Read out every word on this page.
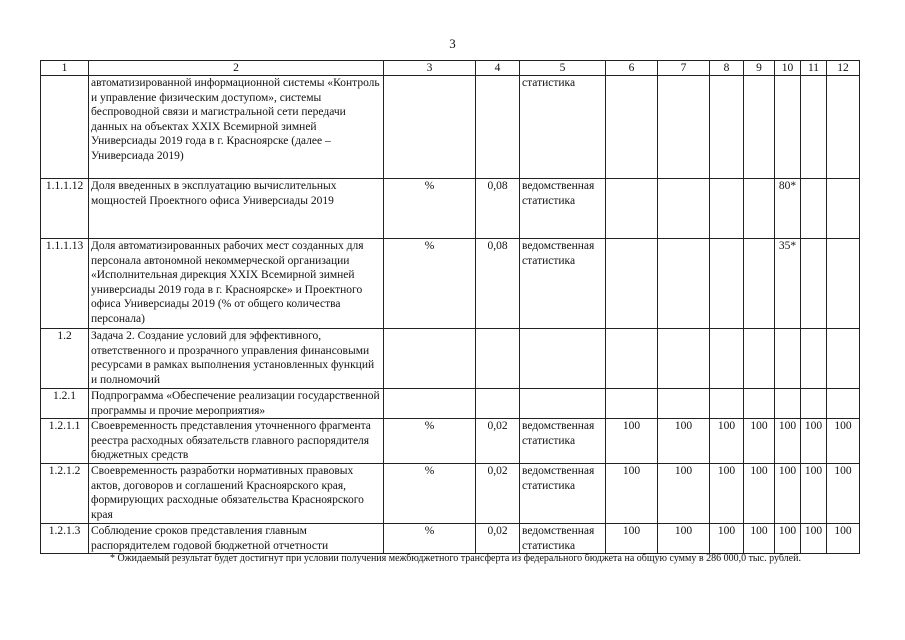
3
1	2	3	4	5	6	7	8	9	10	11	12
	автоматизированной информационной системы «Контроль и управление физическим доступом», системы беспроводной связи и магистральной сети передачи данных на объектах XXIX Всемирной зимней Универсиады 2019 года в г. Красноярске (далее – Универсиада 2019)			статистика							
1.1.1.12	Доля введенных в эксплуатацию вычислительных мощностей Проектного офиса Универсиады 2019	%	0,08	ведомственная статистика					80*		
1.1.1.13	Доля автоматизированных рабочих мест созданных для персонала автономной некоммерческой организации «Исполнительная дирекция XXIX Всемирной зимней универсиады 2019 года в г. Красноярске» и Проектного офиса Универсиады 2019 (% от общего количества персонала)	%	0,08	ведомственная статистика					35*		
1.2	Задача 2. Создание условий для эффективного, ответственного и прозрачного управления финансовыми ресурсами в рамках выполнения установленных функций и полномочий										
1.2.1	Подпрограмма «Обеспечение реализации государственной программы и прочие мероприятия»										
1.2.1.1	Своевременность представления уточненного фрагмента реестра расходных обязательств главного распорядителя бюджетных средств	%	0,02	ведомственная статистика	100	100	100	100	100	100	100
1.2.1.2	Своевременность разработки нормативных правовых актов, договоров и соглашений Красноярского края, формирующих расходные обязательства Красноярского края	%	0,02	ведомственная статистика	100	100	100	100	100	100	100
1.2.1.3	Соблюдение сроков представления главным распорядителем годовой бюджетной отчетности	%	0,02	ведомственная статистика	100	100	100	100	100	100	100
* Ожидаемый результат будет достигнут при условии получения межбюджетного трансферта из федерального бюджета на общую сумму в 286 000,0 тыс. рублей.
